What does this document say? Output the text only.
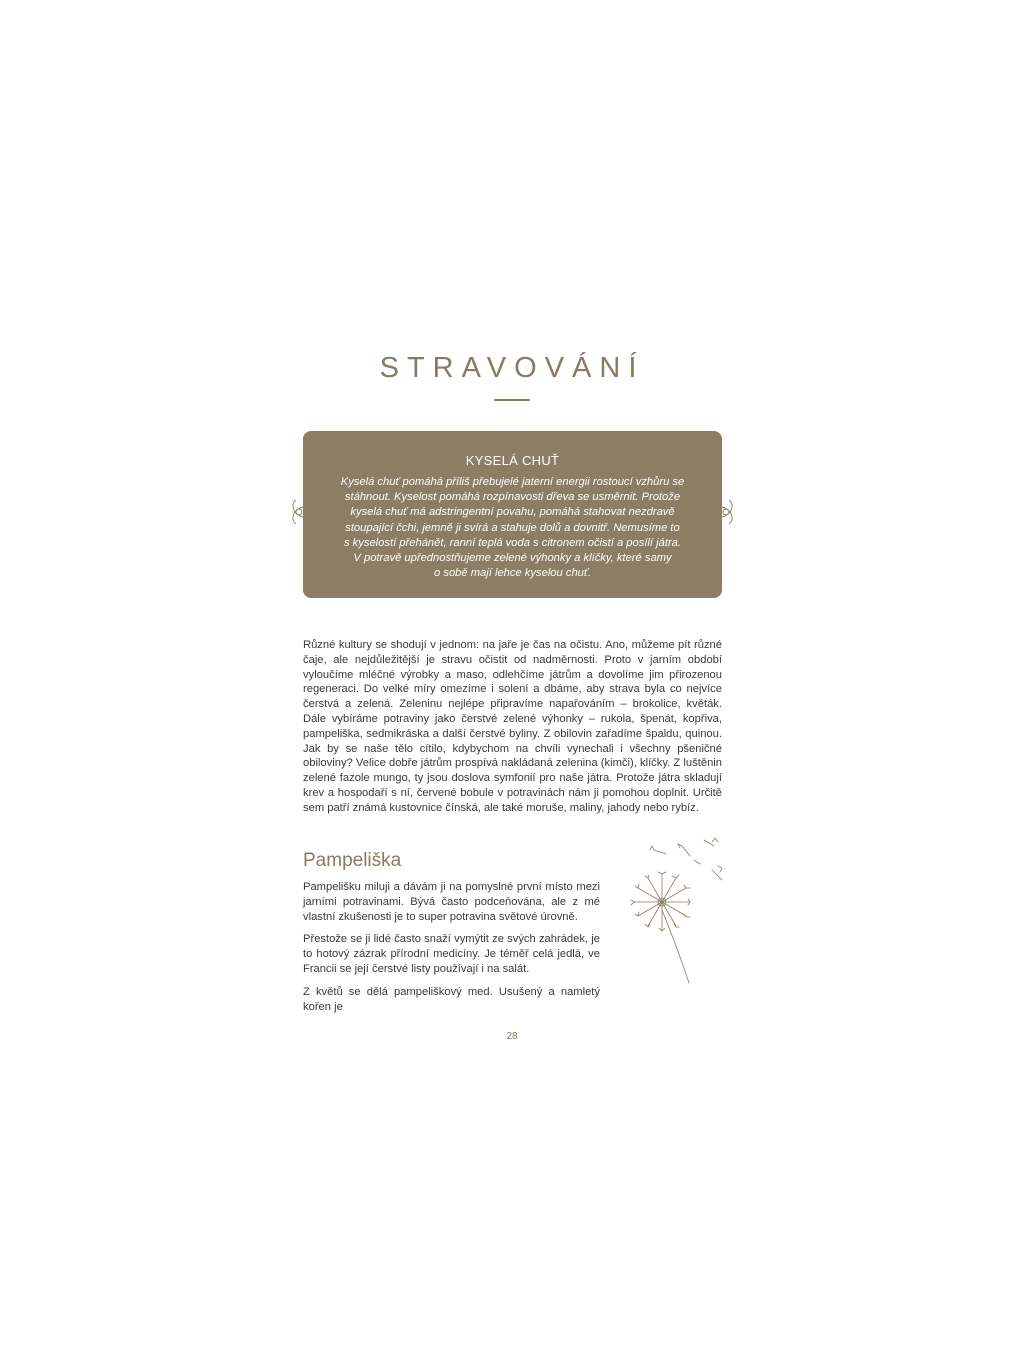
STRAVOVÁNÍ
KYSELÁ CHUŤ

Kyselá chuť pomáhá příliš přebujelé jaterní energii rostoucí vzhůru se

stáhnout. Kyselost pomáhá rozpínavosti dřeva se usměrnit. Protože

kyselá chuť má adstringentní povahu, pomáhá stahovat nezdravě

stoupající čchi, jemně ji svírá a stahuje dolů a dovnitř. Nemusíme to

s kyselostí přehánět, ranní teplá voda s citronem očistí a posílí játra.

V potravě upřednostňujeme zelené výhonky a klíčky, které samy

o sobě mají lehce kyselou chuť.

Různé kultury se shodují v jednom: na jaře je čas na očistu. Ano, můžeme pít různé čaje, ale nejdůležitější je stravu očistit od nadměrnosti. Proto v jarním období vyloučíme mléčné výrobky a maso, odlehčíme játrům a dovolíme jim přirozenou regeneraci. Do velké míry omezíme i solení a dbáme, aby strava byla co nejvíce čerstvá a zelená. Zeleninu nejlépe připravíme napařováním – brokolice, květák. Dále vybíráme potraviny jako čerstvé zelené výhonky – rukola, špenát, kopřiva, pampeliška, sedmikráska a další čerstvé byliny. Z obilovin zařadíme špaldu, quinou. Jak by se naše tělo cítilo, kdybychom na chvíli vynechali i všechny pšeničné obiloviny? Velice dobře játrům prospívá nakládaná zelenina (kimči), klíčky. Z luštěnin zelené fazole mungo, ty jsou doslova symfonií pro naše játra. Protože játra skladují krev a hospodaří s ní, červené bobule v potravinách nám ji pomohou doplnit. Určitě sem patří známá kustovnice čínská, ale také moruše, maliny, jahody nebo rybíz.

Pampeliška

Pampelišku miluji a dávám ji na pomyslné první místo mezi jarními potravinami. Bývá často podceňována, ale z mé vlastní zkušenosti je to super potravina světové úrovně.

Přestože se ji lidé často snaží vymýtit ze svých zahrádek, je to hotový zázrak přírodní medicíny. Je téměř celá jedlá, ve Francii se její čerstvé listy používají i na salát.

Z květů se dělá pampeliškový med. Usušený a namletý kořen je

28
